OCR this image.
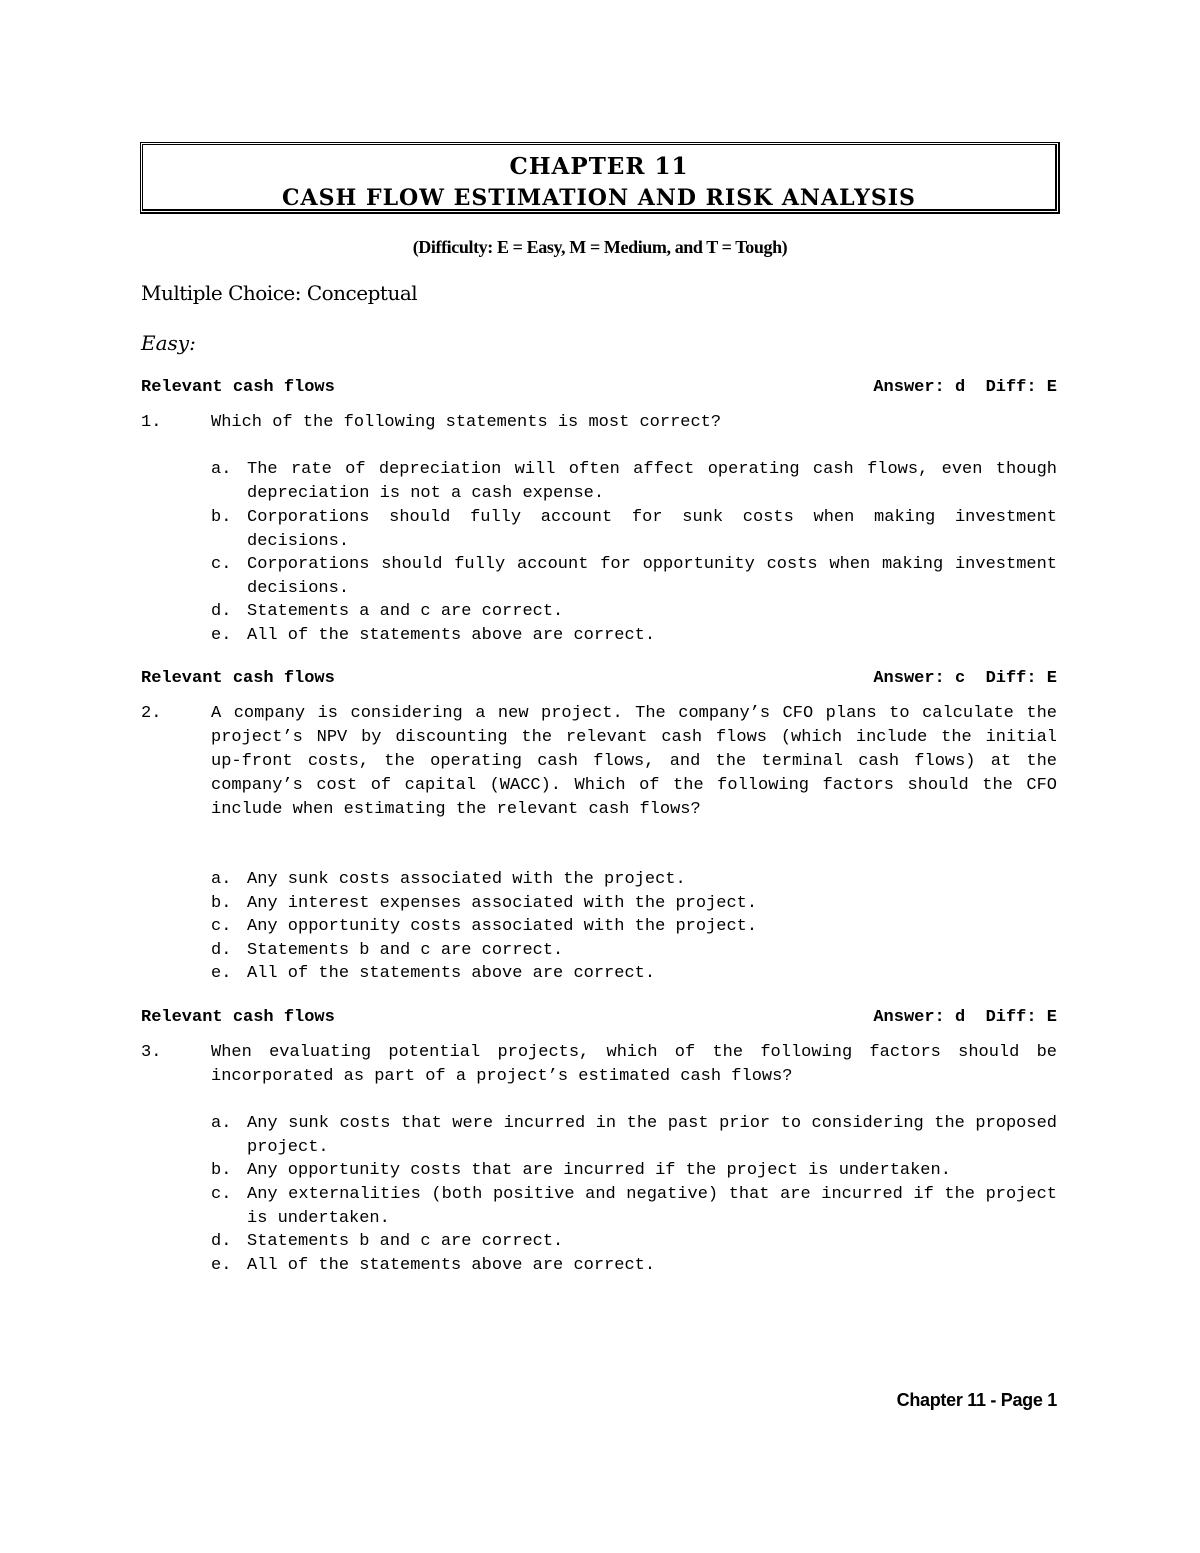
CHAPTER 11
CASH FLOW ESTIMATION AND RISK ANALYSIS
(Difficulty: E = Easy, M = Medium, and T = Tough)
Multiple Choice: Conceptual
Easy:
Relevant cash flows	Answer: d Diff: E
1.	Which of the following statements is most correct?
a. The rate of depreciation will often affect operating cash flows, even though depreciation is not a cash expense.
b. Corporations should fully account for sunk costs when making investment decisions.
c. Corporations should fully account for opportunity costs when making investment decisions.
d. Statements a and c are correct.
e. All of the statements above are correct.
Relevant cash flows	Answer: c Diff: E
2.	A company is considering a new project. The company’s CFO plans to calculate the project’s NPV by discounting the relevant cash flows (which include the initial up-front costs, the operating cash flows, and the terminal cash flows) at the company’s cost of capital (WACC). Which of the following factors should the CFO include when estimating the relevant cash flows?
a. Any sunk costs associated with the project.
b. Any interest expenses associated with the project.
c. Any opportunity costs associated with the project.
d. Statements b and c are correct.
e. All of the statements above are correct.
Relevant cash flows	Answer: d Diff: E
3.	When evaluating potential projects, which of the following factors should be incorporated as part of a project’s estimated cash flows?
a. Any sunk costs that were incurred in the past prior to considering the proposed project.
b. Any opportunity costs that are incurred if the project is undertaken.
c. Any externalities (both positive and negative) that are incurred if the project is undertaken.
d. Statements b and c are correct.
e. All of the statements above are correct.
Chapter 11 - Page 1
